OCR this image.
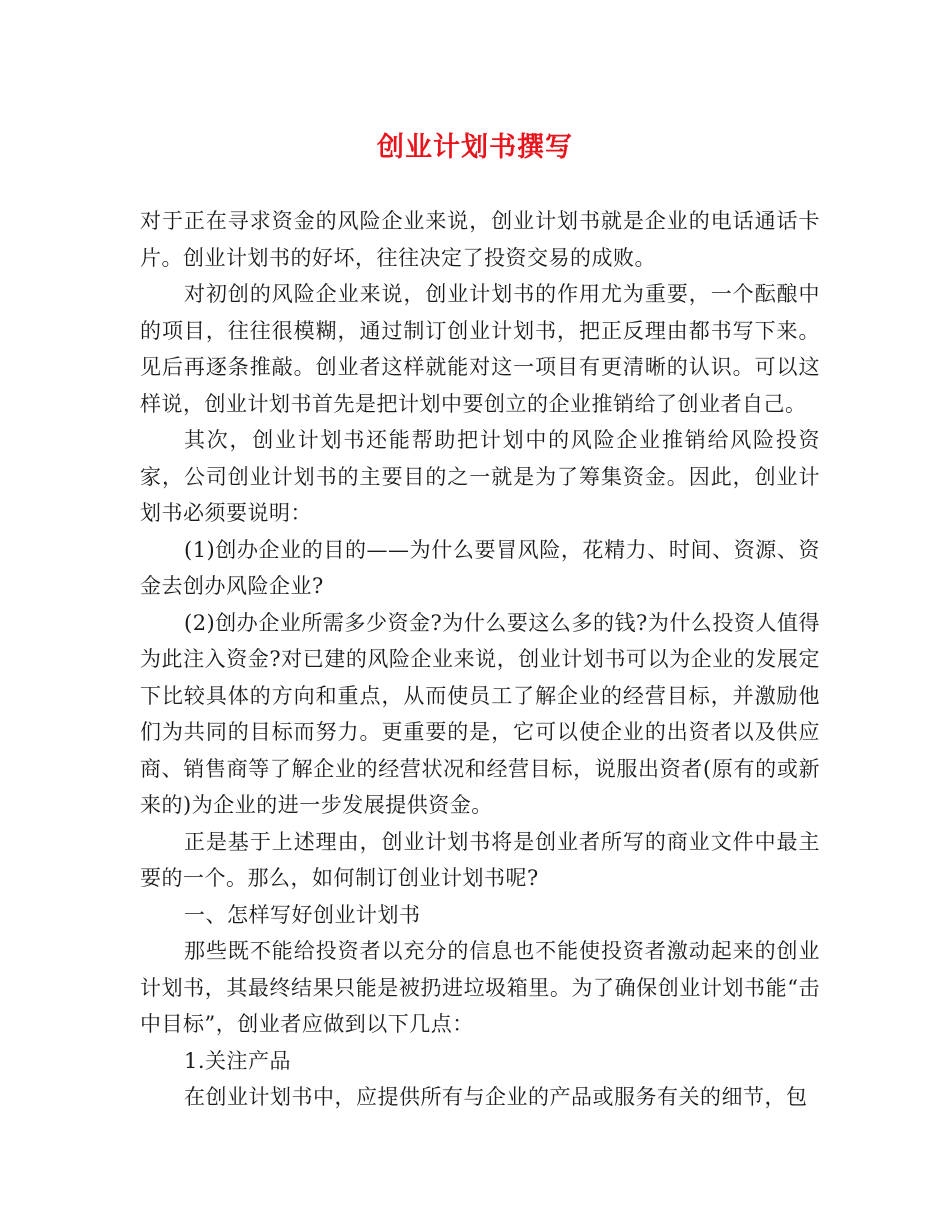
创业计划书撰写

对于正在寻求资金的风险企业来说，创业计划书就是企业的电话通话卡片。创业计划书的好坏，往往决定了投资交易的成败。

对初创的风险企业来说，创业计划书的作用尤为重要，一个酝酿中的项目，往往很模糊，通过制订创业计划书，把正反理由都书写下来。见后再逐条推敲。创业者这样就能对这一项目有更清晰的认识。可以这样说，创业计划书首先是把计划中要创立的企业推销给了创业者自己。

其次，创业计划书还能帮助把计划中的风险企业推销给风险投资家，公司创业计划书的主要目的之一就是为了筹集资金。因此，创业计划书必须要说明：

(1)创办企业的目的——为什么要冒风险，花精力、时间、资源、资金去创办风险企业?

(2)创办企业所需多少资金?为什么要这么多的钱?为什么投资人值得为此注入资金?对已建的风险企业来说，创业计划书可以为企业的发展定下比较具体的方向和重点，从而使员工了解企业的经营目标，并激励他们为共同的目标而努力。更重要的是，它可以使企业的出资者以及供应商、销售商等了解企业的经营状况和经营目标，说服出资者(原有的或新来的)为企业的进一步发展提供资金。

正是基于上述理由，创业计划书将是创业者所写的商业文件中最主要的一个。那么，如何制订创业计划书呢?

一、怎样写好创业计划书

那些既不能给投资者以充分的信息也不能使投资者激动起来的创业计划书，其最终结果只能是被扔进垃圾箱里。为了确保创业计划书能“击中目标”，创业者应做到以下几点：

1.关注产品

在创业计划书中，应提供所有与企业的产品或服务有关的细节，包
